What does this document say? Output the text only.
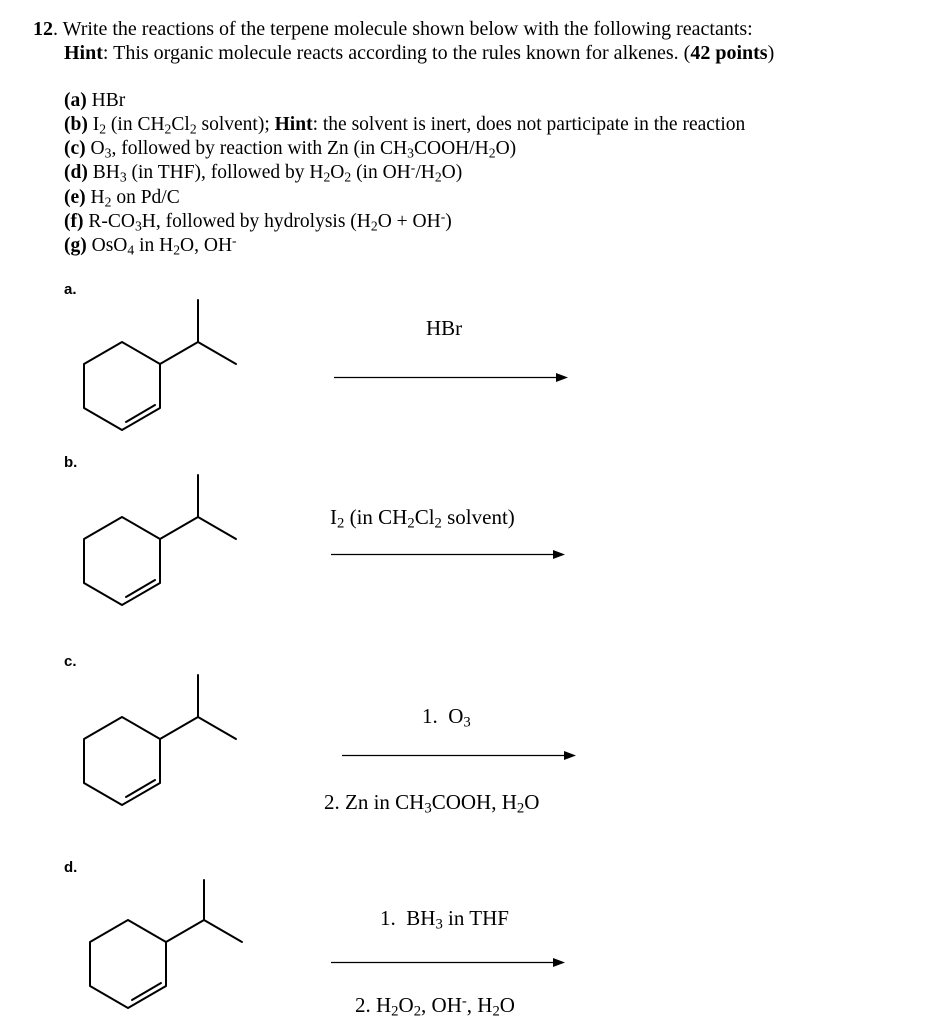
12. Write the reactions of the terpene molecule shown below with the following reactants:
Hint: This organic molecule reacts according to the rules known for alkenes. (42 points)
(a) HBr
(b) $I_2$ (in $CH_2Cl_2$ solvent); Hint: the solvent is inert, does not participate in the reaction
(c) $O_3$, followed by reaction with Zn (in $CH_3COOH/H_2O$)
(d) $BH_3$ (in THF), followed by $H_2O_2$ (in $OH^-/H_2O$)
(e) $H_2$ on Pd/C
(f) $R-CO_3H$, followed by hydrolysis $(H_2O + OH^-)$
(g) OsO$_4$ in $H_2O$, OH-
a.
HBr
b.
$I_2$ (in $CH_2Cl_2$ solvent)
c.
1.  $O_3$
2. Zn in $CH_3COOH$, $H_2O$
d.
1.  $BH_3$ in THF
2. $H_2O_2$, OH-, $H_2O$
